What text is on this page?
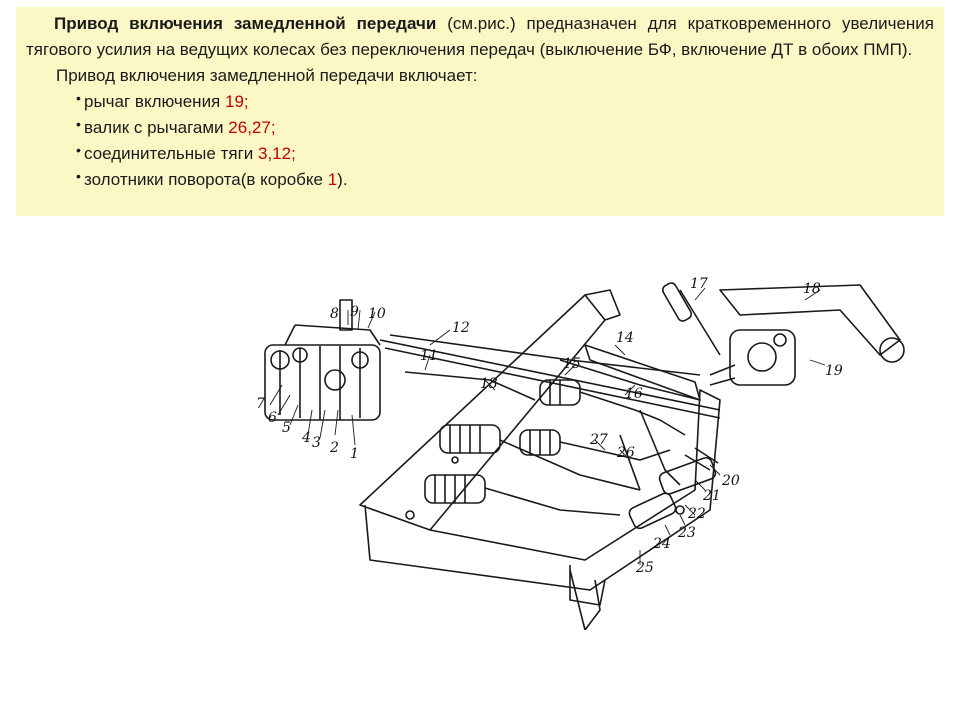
Привод включения замедленной передачи (см.рис.) предназначен для кратковременного увеличения тягового усилия на ведущих колесах без переключения передач (выключение БФ, включение ДТ в обоих ПМП).

Привод включения замедленной передачи включает:

• рычаг включения 19;
• валик с рычагами 26,27;
• соединительные тяги 3,12;
• золотники поворота(в коробке 1).
1
2
3
4
5
6
7
8 9 10
11
12
13
14
15
16
17	18
19
20
21
22
23
24
25
26
27
